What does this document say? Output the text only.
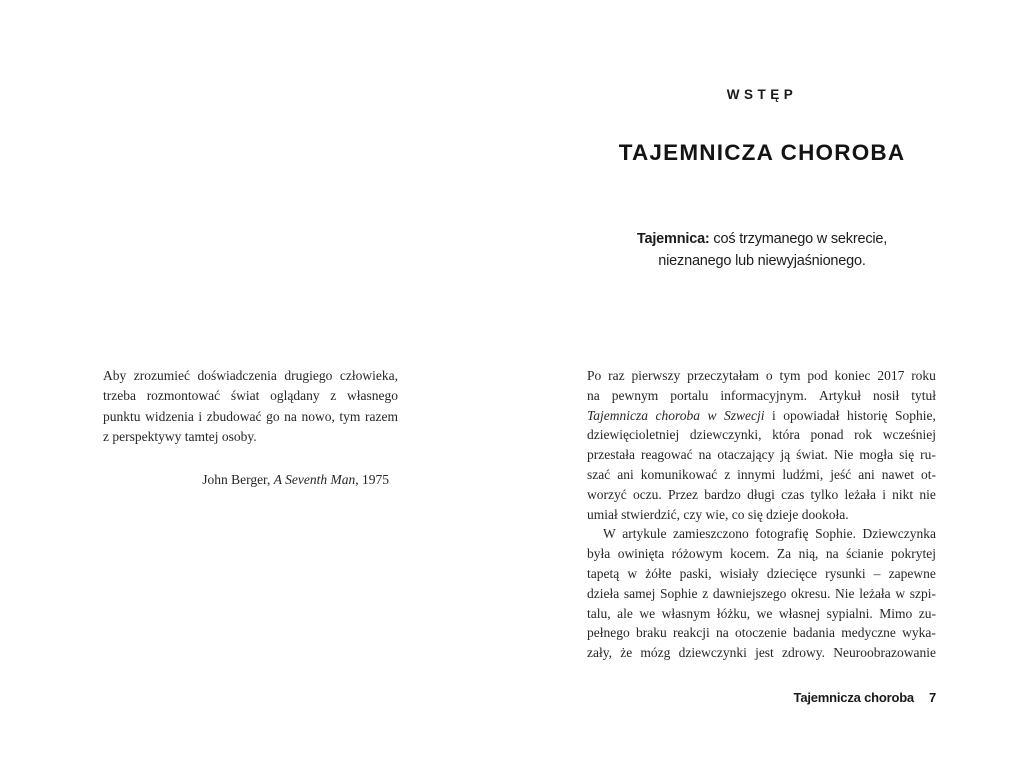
Aby zrozumieć doświadczenia drugiego człowieka,
trzeba rozmontować świat oglądany z własnego
punktu widzenia i zbudować go na nowo, tym razem
z perspektywy tamtej osoby.
John Berger, A Seventh Man, 1975
WSTĘP
TAJEMNICZA CHOROBA
Tajemnica: coś trzymanego w sekrecie,
nieznanego lub niewyjaśnionego.
Po raz pierwszy przeczytałam o tym pod koniec 2017 roku
na pewnym portalu informacyjnym. Artykuł nosił tytuł
Tajemnicza choroba w Szwecji i opowiadał historię Sophie,
dziewięcioletniej dziewczynki, która ponad rok wcześniej
przestała reagować na otaczający ją świat. Nie mogła się ru-
szać ani komunikować z innymi ludźmi, jeść ani nawet ot-
worzyć oczu. Przez bardzo długi czas tylko leżała i nikt nie
umiał stwierdzić, czy wie, co się dzieje dookoła.
W artykule zamieszczono fotografię Sophie. Dziewczynka
była owinięta różowym kocem. Za nią, na ścianie pokrytej
tapetą w żółte paski, wisiały dziecięce rysunki – zapewne
dzieła samej Sophie z dawniejszego okresu. Nie leżała w szpi-
talu, ale we własnym łóżku, we własnej sypialni. Mimo zu-
pełnego braku reakcji na otoczenie badania medyczne wyka-
zały, że mózg dziewczynki jest zdrowy. Neuroobrazowanie
Tajemnicza choroba 7
